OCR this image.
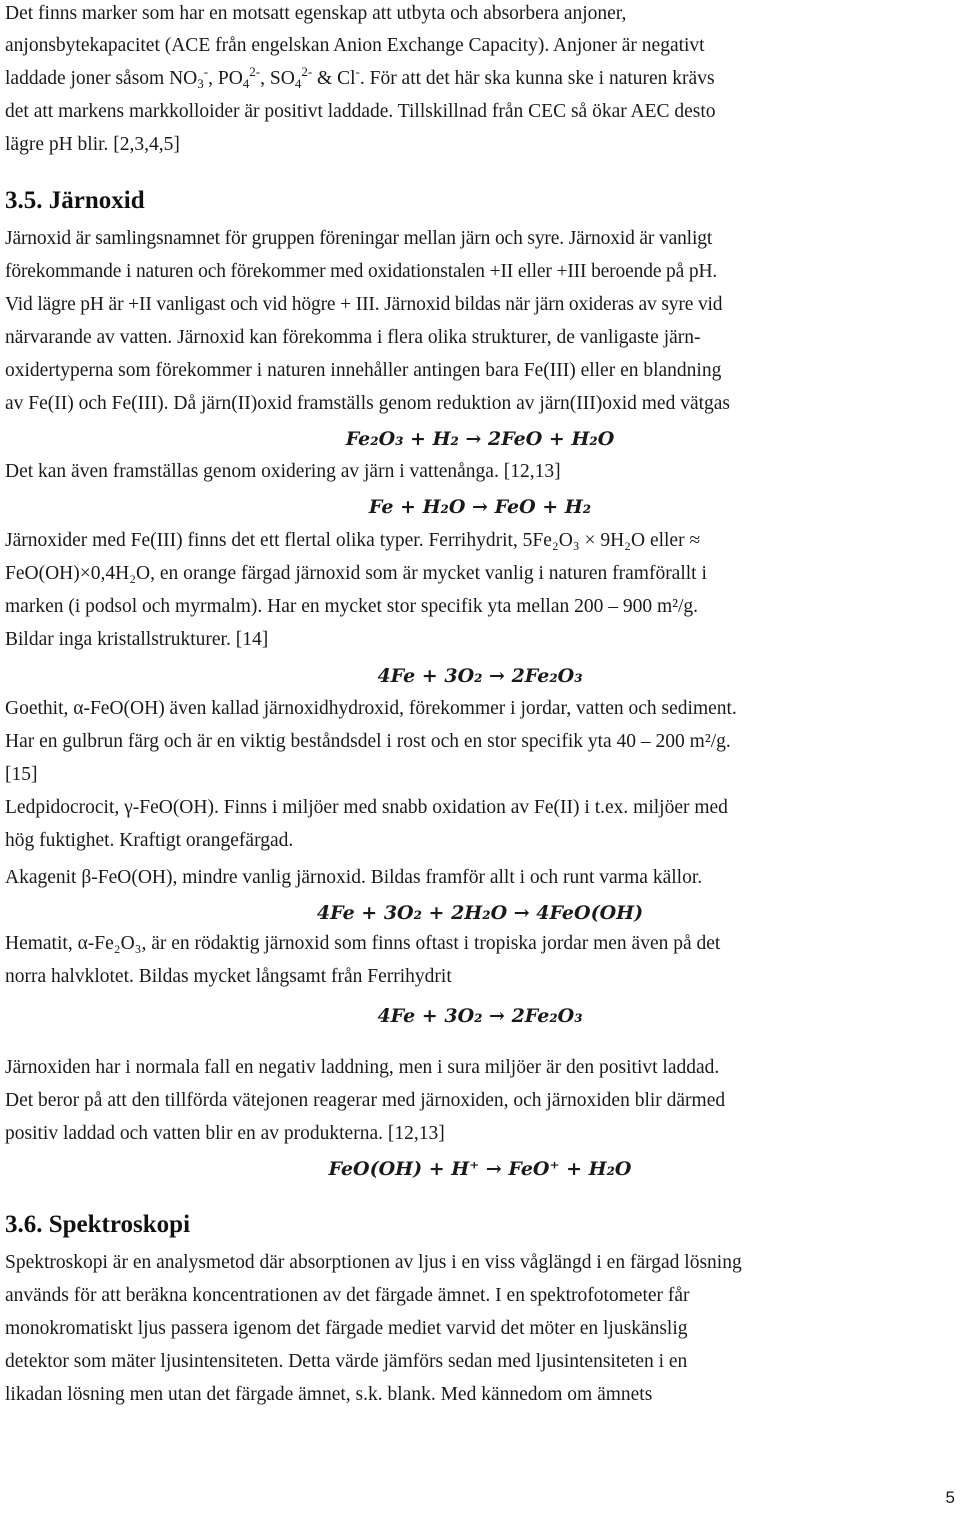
Det finns marker som har en motsatt egenskap att utbyta och absorbera anjoner,

anjonsbytekapacitet (ACE från engelskan Anion Exchange Capacity). Anjoner är negativt

laddade joner såsom $NO_3^-$, $PO_4^{2-}$, $SO_4^{2-}$ & Cl-. För att det här ska kunna ske i naturen krävs

det att markens markkolloider är positivt laddade. Tillskillnad från CEC så ökar AEC desto

lägre pH blir. [2,3,4,5]

3.5. Järnoxid

Järnoxid är samlingsnamnet för gruppen föreningar mellan järn och syre. Järnoxid är vanligt

förekommande i naturen och förekommer med oxidationstalen +II eller +III beroende på pH.

Vid lägre pH är +II vanligast och vid högre + III. Järnoxid bildas när järn oxideras av syre vid

närvarande av vatten. Järnoxid kan förekomma i flera olika strukturer, de vanligaste järn-

oxidertyperna som förekommer i naturen innehåller antingen bara Fe(III) eller en blandning

av Fe(II) och Fe(III). Då järn(II)oxid framställs genom reduktion av järn(III)oxid med vätgas

Fe₂O₃ + H₂ → 2FeO + H₂O

Det kan även framställas genom oxidering av järn i vattenånga. [12,13]

Fe + H₂O → FeO + H₂

Järnoxider med Fe(III) finns det ett flertal olika typer. Ferrihydrit, 5Fe₂O₃ × 9H₂O eller ≈

FeO(OH)×0,4H₂O, en orange färgad järnoxid som är mycket vanlig i naturen framförallt i

marken (i podsol och myrmalm). Har en mycket stor specifik yta mellan 200 – 900 m²/g.

Bildar inga kristallstrukturer. [14]

4Fe + 3O₂ → 2Fe₂O₃

Goethit, α-FeO(OH) även kallad järnoxidhydroxid, förekommer i jordar, vatten och sediment.

Har en gulbrun färg och är en viktig beståndsdel i rost och en stor specifik yta 40 – 200 m²/g.

[15]

Ledpidocrocit, γ-FeO(OH). Finns i miljöer med snabb oxidation av Fe(II) i t.ex. miljöer med

hög fuktighet. Kraftigt orangefärgad.

Akagenit β-FeO(OH), mindre vanlig järnoxid. Bildas framför allt i och runt varma källor.

4Fe + 3O₂ + 2H₂O → 4FeO(OH)

Hematit, α-Fe₂O₃, är en rödaktig järnoxid som finns oftast i tropiska jordar men även på det

norra halvklotet. Bildas mycket långsamt från Ferrihydrit

4Fe + 3O₂ → 2Fe₂O₃

Järnoxiden har i normala fall en negativ laddning, men i sura miljöer är den positivt laddad.

Det beror på att den tillförda vätejonen reagerar med järnoxiden, och järnoxiden blir därmed

positiv laddad och vatten blir en av produkterna. [12,13]

FeO(OH) + H⁺ → FeO⁺ + H₂O

3.6. Spektroskopi

Spektroskopi är en analysmetod där absorptionen av ljus i en viss våglängd i en färgad lösning

används för att beräkna koncentrationen av det färgade ämnet. I en spektrofotometer får

monokromatiskt ljus passera igenom det färgade mediet varvid det möter en ljuskänslig

detektor som mäter ljusintensiteten. Detta värde jämförs sedan med ljusintensiteten i en

likadan lösning men utan det färgade ämnet, s.k. blank. Med kännedom om ämnets

5
